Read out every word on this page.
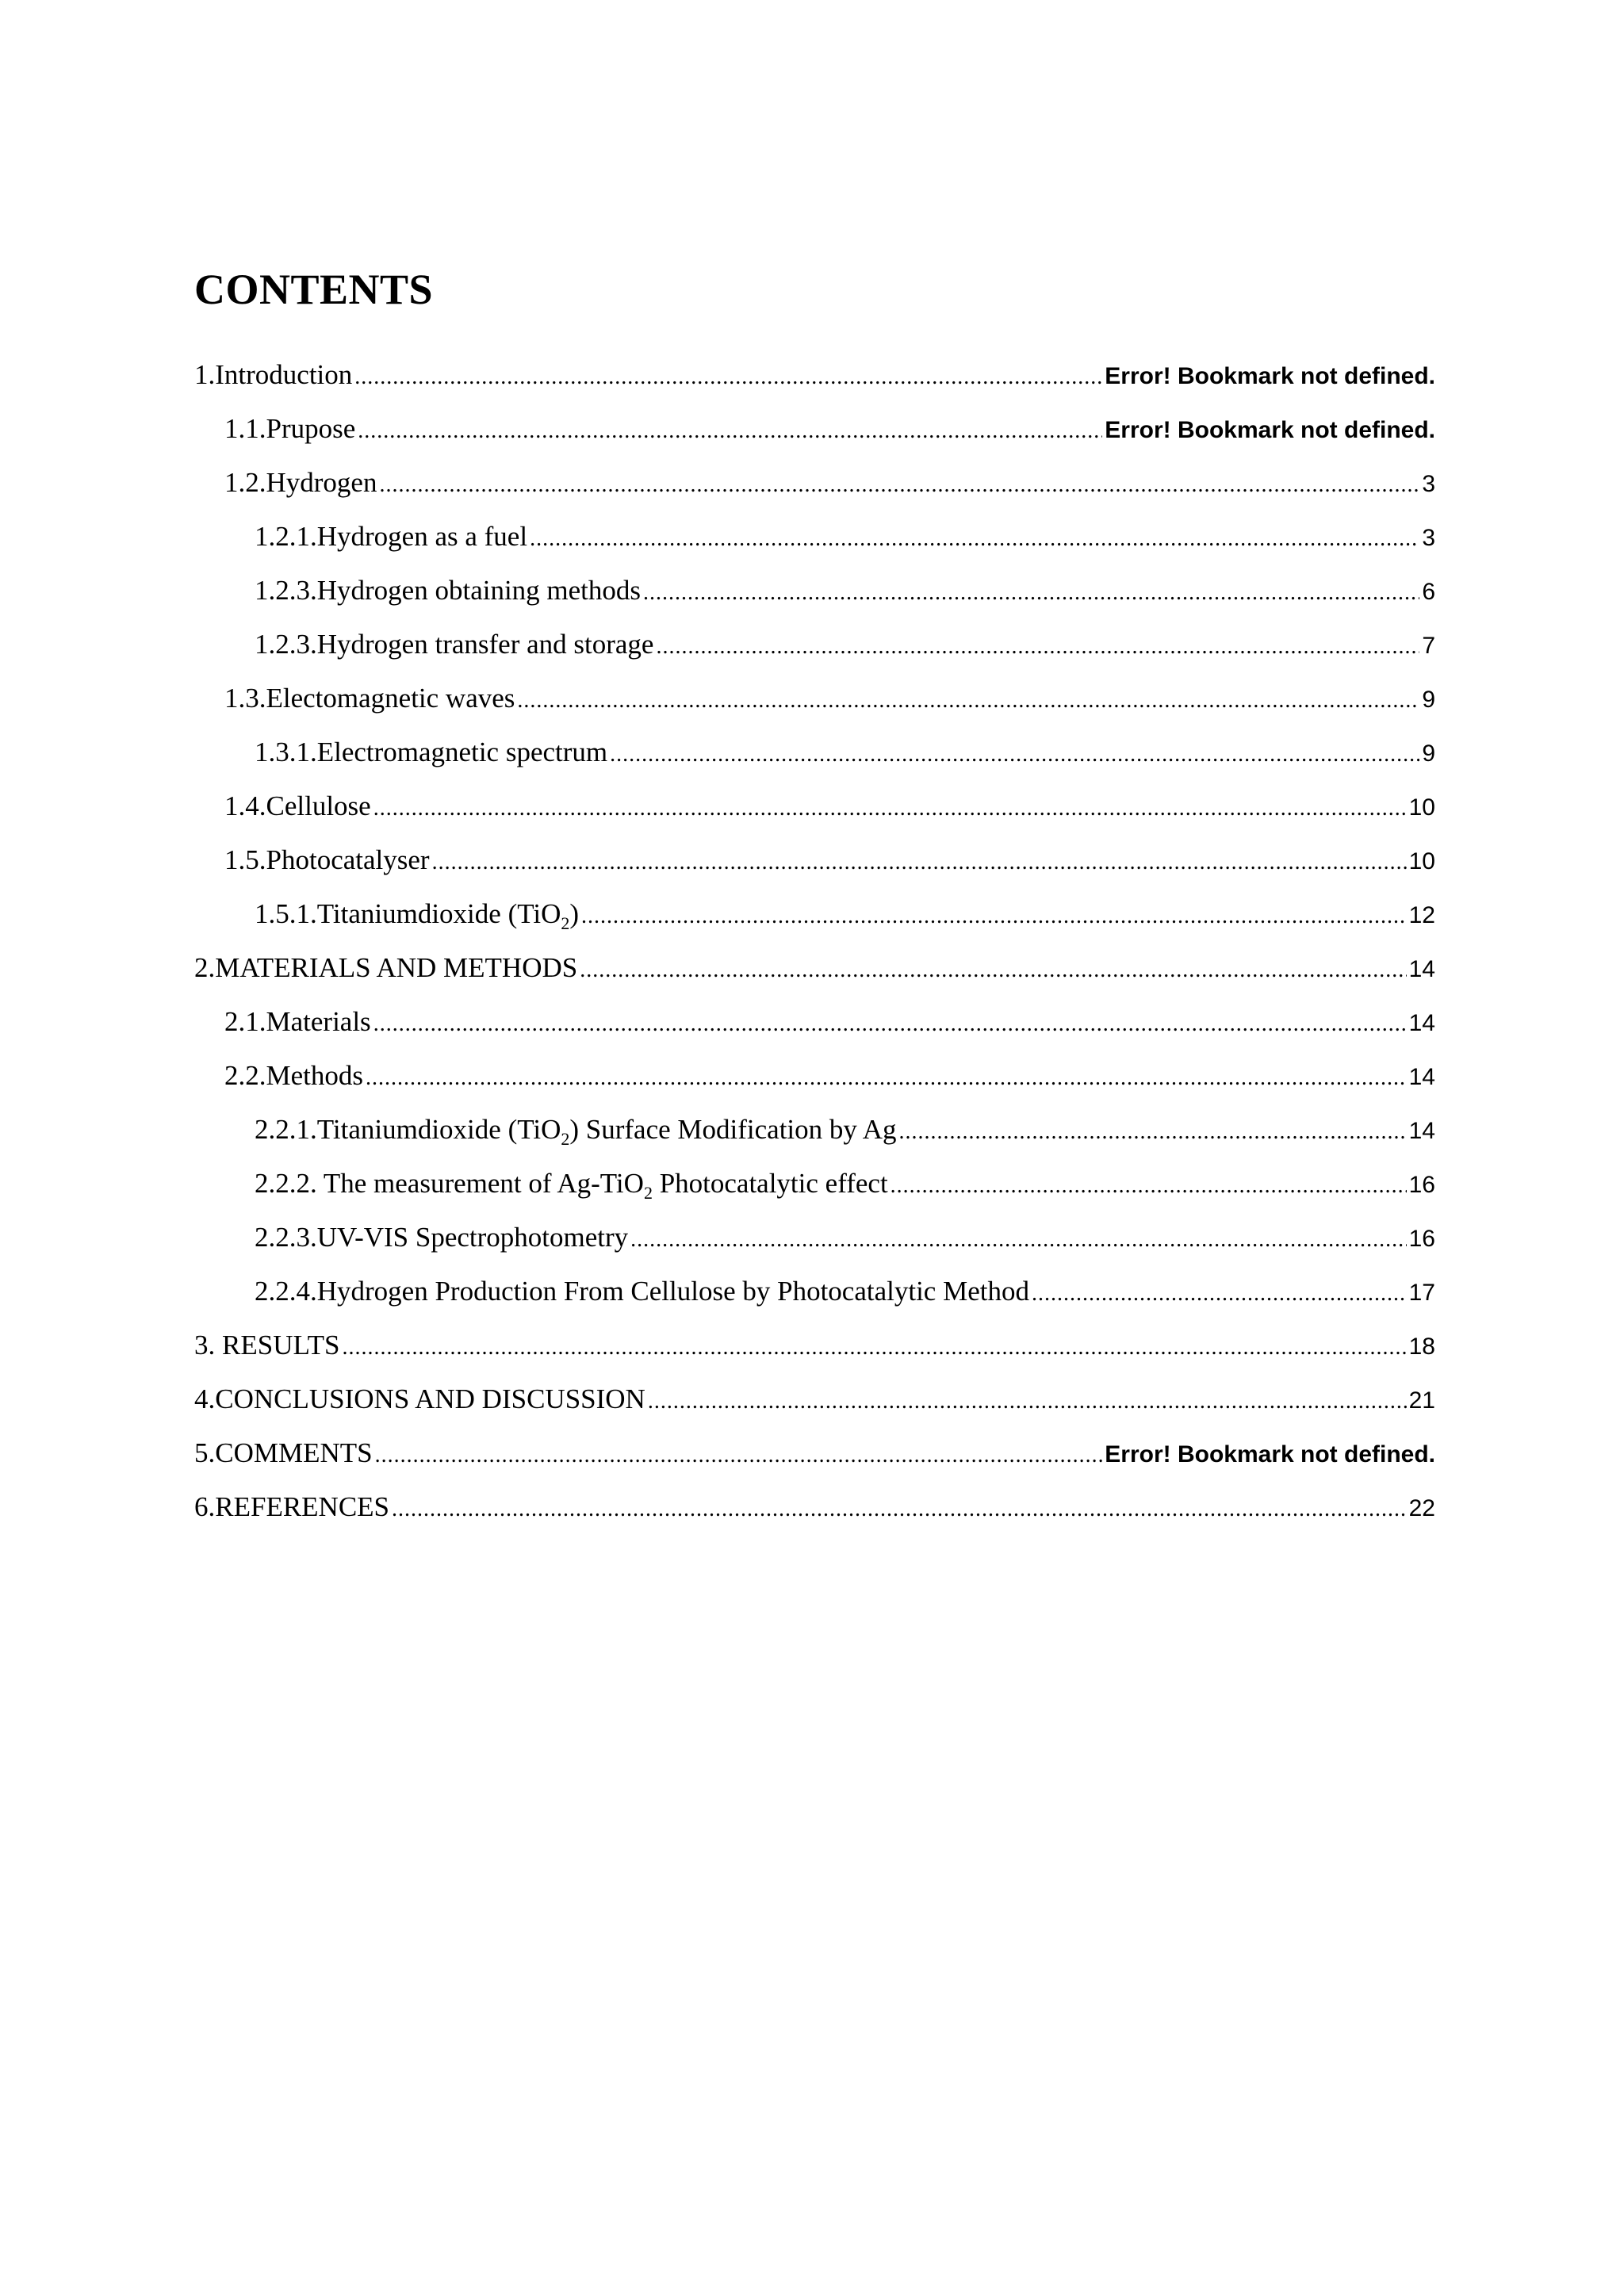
CONTENTS
1.Introduction .....	Error! Bookmark not defined.
1.1.Prupose .....	Error! Bookmark not defined.
1.2.Hydrogen .....	3
1.2.1.Hydrogen as a fuel .....	3
1.2.3.Hydrogen obtaining methods .....	6
1.2.3.Hydrogen transfer and storage .....	7
1.3.Electomagnetic waves .....	9
1.3.1.Electromagnetic spectrum .....	9
1.4.Cellulose .....	10
1.5.Photocatalyser .....	10
1.5.1.Titaniumdioxide (TiO$_2$) .....	12
2.MATERIALS AND METHODS .....	14
2.1.Materials .....	14
2.2.Methods .....	14
2.2.1.Titaniumdioxide (TiO$_2$) Surface Modification by Ag .....	14
2.2.2. The measurement of Ag-TiO$_2$ Photocatalytic effect .....	16
2.2.3.UV-VIS Spectrophotometry .....	16
2.2.4.Hydrogen Production From Cellulose by Photocatalytic Method .....	17
3. RESULTS .....	18
4.CONCLUSIONS AND DISCUSSION .....	21
5.COMMENTS .....	Error! Bookmark not defined.
6.REFERENCES .....	22
